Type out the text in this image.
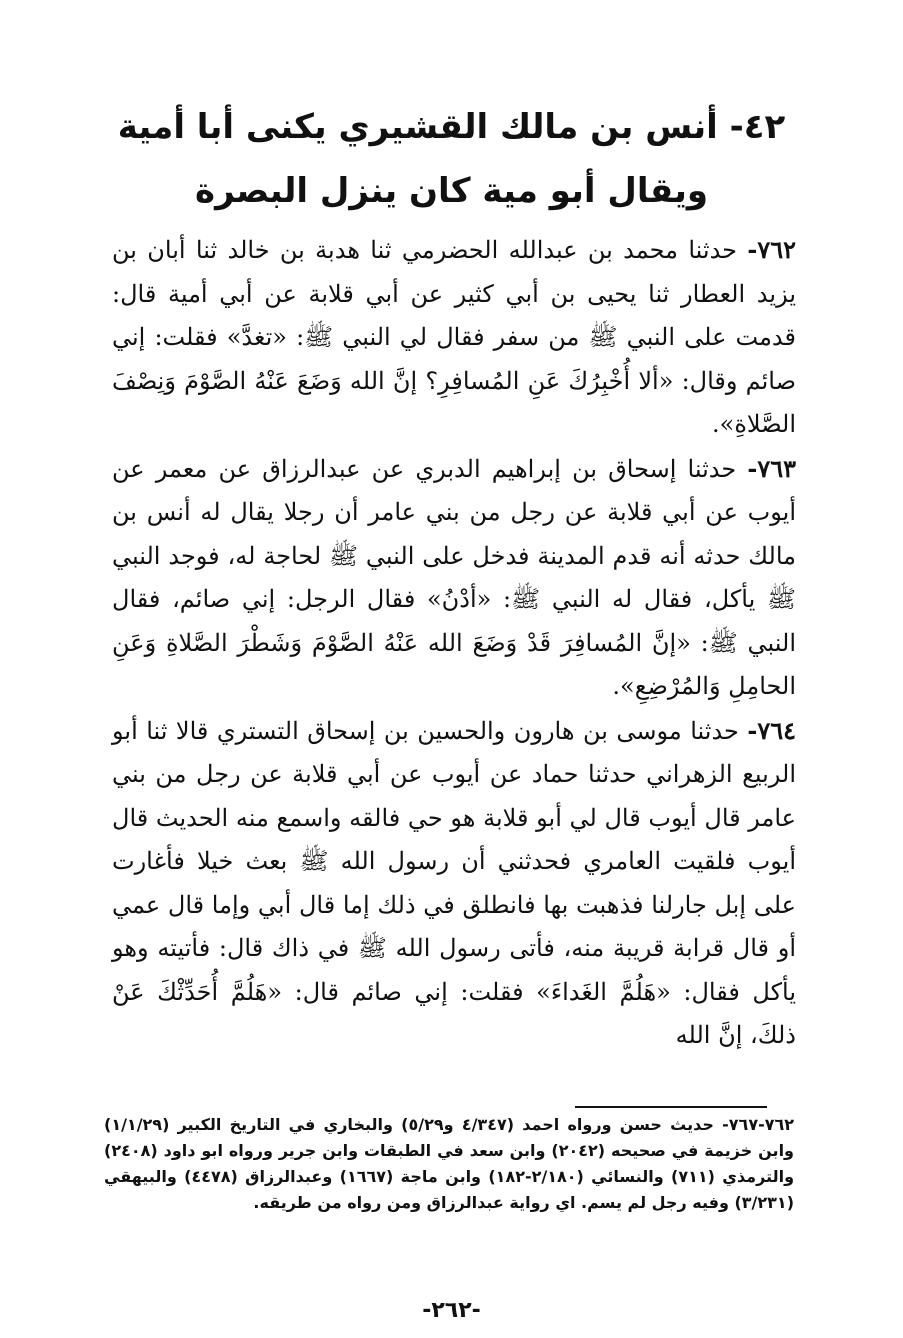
٤٢- أنس بن مالك القشيري يكنى أبا أمية
ويقال أبو مية كان ينزل البصرة

٧٦٢- حدثنا محمد بن عبدالله الحضرمي ثنا هدبة بن خالد ثنا أبان بن يزيد العطار ثنا يحيى بن أبي كثير عن أبي قلابة عن أبي أمية قال: قدمت على النبي ﷺ من سفر فقال لي النبي ﷺ: «تغدَّ» فقلت: إني صائم وقال: «ألا أُخْبِرُكَ عَنِ المُسافِرِ؟ إنَّ الله وَضَعَ عَنْهُ الصَّوْمَ وَنِصْفَ الصَّلاةِ».

٧٦٣- حدثنا إسحاق بن إبراهيم الدبري عن عبدالرزاق عن معمر عن أيوب عن أبي قلابة عن رجل من بني عامر أن رجلا يقال له أنس بن مالك حدثه أنه قدم المدينة فدخل على النبي ﷺ لحاجة له، فوجد النبي ﷺ يأكل، فقال له النبي ﷺ: «أدْنُ» فقال الرجل: إني صائم، فقال النبي ﷺ: «إنَّ المُسافِرَ قَدْ وَضَعَ الله عَنْهُ الصَّوْمَ وَشَطْرَ الصَّلاةِ وَعَنِ الحامِلِ وَالمُرْضِعِ».

٧٦٤- حدثنا موسى بن هارون والحسين بن إسحاق التستري قالا ثنا أبو الربيع الزهراني حدثنا حماد عن أيوب عن أبي قلابة عن رجل من بني عامر قال أيوب قال لي أبو قلابة هو حي فالقه واسمع منه الحديث قال أيوب فلقيت العامري فحدثني أن رسول الله ﷺ بعث خيلا فأغارت على إبل جارلنا فذهبت بها فانطلق في ذلك إما قال أبي وإما قال عمي أو قال قرابة قريبة منه، فأتى رسول الله ﷺ في ذاك قال: فأتيته وهو يأكل فقال: «هَلُمَّ الغَداءَ» فقلت: إني صائم قال: «هَلُمَّ أُحَدِّثْكَ عَنْ ذلكَ، إنَّ الله

٧٦٢-٧٦٧- حديث حسن ورواه احمد (٤/٣٤٧ و٥/٢٩) والبخاري في التاريخ الكبير (١/١/٢٩) وابن خزيمة في صحيحه (٢٠٤٢) وابن سعد في الطبقات وابن جرير ورواه ابو داود (٢٤٠٨) والترمذي (٧١١) والنسائي (٢/١٨٠-١٨٢) وابن ماجة (١٦٦٧) وعبدالرزاق (٤٤٧٨) والبيهقي (٣/٢٣١) وفيه رجل لم يسم. اي رواية عبدالرزاق ومن رواه من طريقه.

-٢٦٢-
